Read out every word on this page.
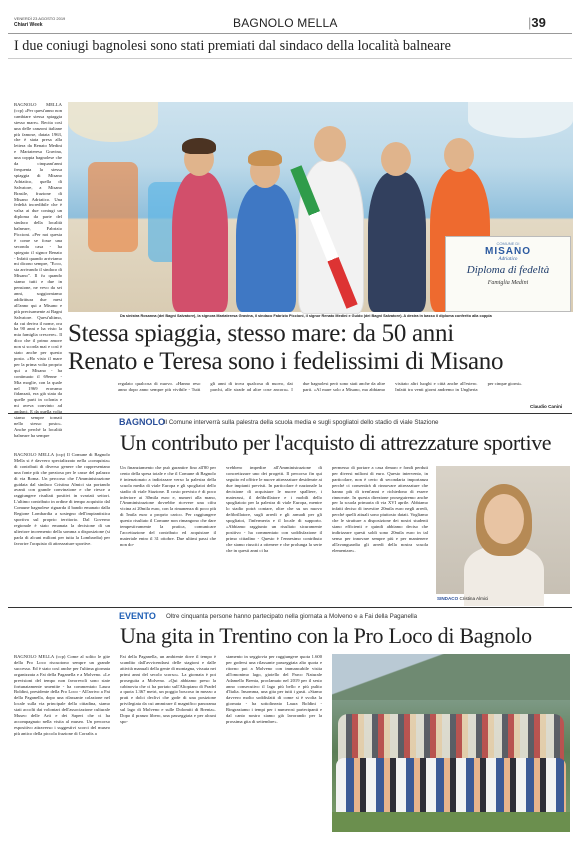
VENERDÌ 23 AGOSTO 2019
Chiari Week	BAGNOLO MELLA	|39
I due coniugi bagnolesi sono stati premiati dal sindaco della località balneare

BAGNOLO MELLA (ccp) «Per quest'anno non cambiare stessa spiaggia stesso mare». Recita così una delle canzoni italiane più famose, datata 1963, che è stata presa alla lettera da Renato Medini e Mariateresa Gravina, una coppia bagnolese che da cinquant'anni frequenta la stessa spiaggia di Misano Adriatico, quella di Salvatore, a Misano Brasile, frazione di Misano Adriatico. Una fedeltà incredibile che è valsa ai due coniugi un diploma da parte del sindaco della località balneare, Fabrizio Piccioni. «Per noi questa è come se fosse una seconda casa - ha spiegato il signor Renato - Infatti quando arriviamo mi dicono sempre, "Ecco, sta arrivando il sindaco di Misano". Il fu quando siamo tutti e due in pensione, ne vevo da sei anni, soggiorniamo addirittura due mesi all'anno qui a Misano e più precisamente ai Bagni Salvatore. Quest'ultimo, da cui deriva il nome, ora ha 90 anni e ha visto la mia famiglia crescere». Il dico che il primo amore non si scorda mai e così è stato anche per questo posto. «Ho visto il mare per la prima volta proprio qui a Misano - ha continuato il 69enne - Mia moglie, con la quale nel 1969 eravamo fidanzati, era già stata da quelle parti in colonia e mi aveva convinto ad andarci. E da quella volta siamo sempre tornati nello stesso posto». Anche perché la località balneare ha sempre

COMUNE DI
MISANO
Adriatico
Diploma di fedeltà
Famiglia Medini
Da sinistra Rosanna (dei Bagni Salvatore), la signora Mariateresa Gravina, il sindaco Fabrizio Piccioni, il signor Renato Medini e Guido (dei Bagni Salvatore). A destra in basso il diploma conferito alla coppia
Stessa spiaggia, stesso mare: da 50 anni
Renato e Teresa sono i fedelissimi di Misano

regalato qualcosa di nuovo. «Hanno reso anno dopo anno sempre più vivibile - Tutti gli anni di trova qualcosa di nuovo, dai parchi, alle strade ad altre cose ancora». I due bagnolesi però sono stati anche da altre parti. «Al mare solo a Misano, ma abbiamo visitato altri luoghi e città anche all'estero. Infatti tra venti giorni andremo in Ungheria per cinque giorni».

Claudio Canini
BAGNOLO Il Comune interverrà sulla palestra della scuola media e sugli spogliatoi dello stadio di viale Stazione
Un contributo per l'acquisto di attrezzature sportive

BAGNOLO MELLA (ccp) Il Comune di Bagnolo Mella si è davvero specializzato nella «conquista» di contributi di diverso genere che rappresentano una fonte più che preziosa per le casse del palazzo di via Roma. Un percorso che l'Amministrazione guidata dal sindaco Cristina Almici sta portando avanti con grande convinzione e che riesce a raggiungere risultati positivi in svariati settori. L'ultimo contributo in ordine di tempo acquisito dal Comune bagnolese riguarda il bando emanato dalla Regione Lombardia a sostegno dell'impiantistica sportiva sul proprio territorio. Dal Governo regionale è stato emanata la decisione di un ulteriore incremento della somma a disposizione (si parla di alcuni milioni per tutta la Lombardia) per favorire l'acquisto di attrezzature sportive.

Un finanziamento che può garantire fino all'80 per cento della spesa totale e che il Comune di Bagnolo è intenzionato a indirizzare verso la palestra della scuola media di viale Europa e gli spogliatoi dello stadio di viale Stazione. Il costo previsto è di poco inferiore ai 30mila euro e, numeri alla mano, l'Amministrazione dovrebbe ricevere una cifra vicina ai 20mila euro, con la rimanenza di poco più di 5mila euro a proprio carico. Per raggiungere questo risultato il Comune non rimangono che dare tempestivamente la pratica, comunicare l'accettazione del contributo ed acquistare il materiale entro il 31 ottobre. Due ultimi passi che non do-

vrebbero impedire all'Amministrazione di concretizzare uno dei progetti. Il percorso fin qui seguito ed offrire le nuove attrezzature desiderate ai due impianti previsti. In particolare è nazionale la decisione di acquistare le nuove spalliere, i materassi, il defibrillatore e i mobili dello spogliatoio per la palestra di viale Europa, mentre lo stadio potrà contare, oltre che su un nuovo defibrillatore, sugli arredi e gli armadi per gli spogliatoi, l'infermeria e il locale di supporto. «Abbiamo raggiunto un risultato sicuramente positivo - ha commentato con soddisfazione il primo cittadino - Questo è l'ennesimo contributo che siamo riusciti a ottenere e che prolunga la serie che in questi anni ci ha

permesso di portare a casa denaro e fondi perduti per diversi milioni di euro. Questo intervento, in particolare, non è certo di secondaria importanza perché ci consentirà di rinnovare attrezzature che hanno più di trent'anni e richiedono di essere rinnovate. In questa direzione proseguiremo anche per la scuola primaria di via XVI aprile. Abbiamo infatti deciso di investire 20mila euro negli arredi, perché quelli attuali sono piuttosto datati. Vogliamo che le strutture a disposizione dei nostri studenti siano efficienti e quindi abbiamo deciso che indirizzare questi soldi sono 20mila euro in tal senso per innovare sempre più e per mantenere all'avanguardia gli arredi della nostra scuola elementare».

SINDACO Cristina Almici
EVENTO Oltre cinquanta persone hanno partecipato nella giornata a Molveno e a Fai della Paganella
Una gita in Trentino con la Pro Loco di Bagnolo

BAGNOLO MELLA (ccp) Come al solito le gite della Pro Loco riscuotono sempre un grande successo. Ed è stato così anche per l'ultima giornata organizzata a Fai della Paganella e a Molveno. «Le previsioni del tempo non favorevoli sono state fortunatamente smentite - ha commentato Laura Boldini, presidente della Pro Loco - All'arrivo a Fai della Paganella, dopo una rilassante colazione nel locale sulla via principale della cittadina, siamo stati accolti dai volontari dell'associazione culturale Museo delle Arti e dei Saperi che ci ha accompagnato nella visita al museo. Un percorso espositivo attraverso i suggestivi scorci del museo più antico della piccola frazione di Corralts a

Fai della Paganella, un ambiente dove il tempo è scandito dall'avvicendarsi delle stagioni e dalle attività manuali della gente di montagna, vissuta nei primi anni del secolo scorso». La giornata è poi proseguita a Molveno. «Qui abbiamo preso la cabinovia che ci ha portato sull'Altopiano di Pradel a quota 1.367 metri, un poggio boscoso in mezzo a prati e dolci declivi che gode di una posizione privilegiata da cui ammirare il magnifico panorama sul lago di Molveno e sulle Dolomiti di Brenta». Dopo il pranzo libero, una passeggiata e per alcuni spo-

stamento in seggiovia per raggiungere quota 1.600 per godersi una rilassante passeggiata alto quota e ritorno poi a Molveno con immancabile visita all'omonimo lago, gioiello del Parco Naturale Adamello Brenta, proclamato nel 2019 per il sesto anno consecutivo il lago più bello e più pulito d'Italia. Insomma, una gita per tutti i gusti. «Siamo davvero molto soddisfatti di come si è svolta la giornata - ha sottolineato Laura Boldini - Ringraziamo i tempi per i numerosi partecipanti e dal canto nostro siamo già lavorando per la prossima gita di settembre».
